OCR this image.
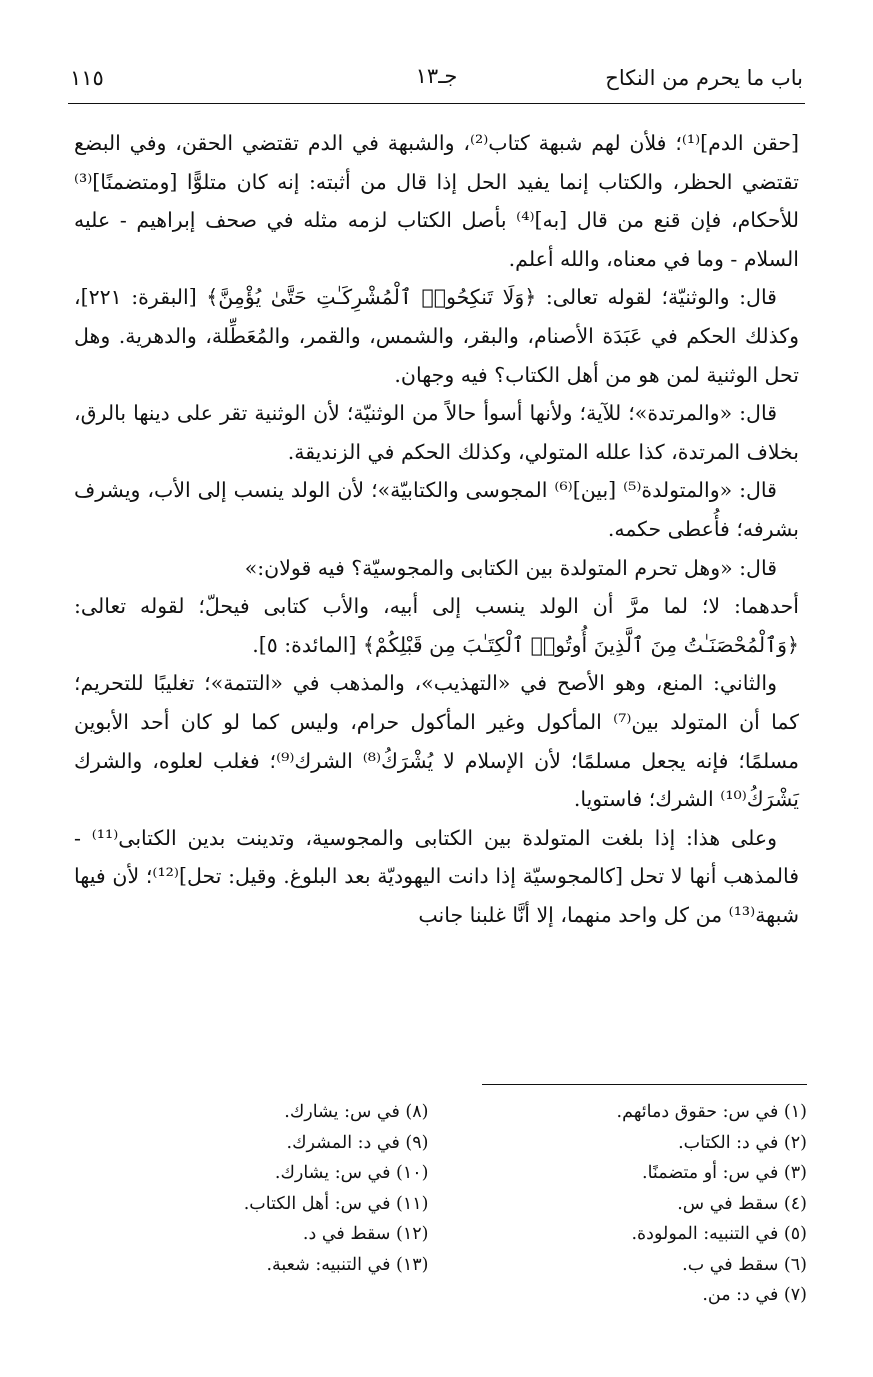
باب ما يحرم من النكاح
جـ١٣
١١٥

[حقن الدم]⁽¹⁾؛ فلأن لهم شبهة كتاب⁽²⁾، والشبهة في الدم تقتضي الحقن، وفي البضع تقتضي الحظر، والكتاب إنما يفيد الحل إذا قال من أثبته: إنه كان متلوًّا [ومتضمنًا]⁽³⁾ للأحكام، فإن قنع من قال [به]⁽⁴⁾ بأصل الكتاب لزمه مثله في صحف إبراهيم - عليه السلام - وما في معناه، والله أعلم.

قال: والوثنيّة؛ لقوله تعالى: ﴿وَلَا تَنكِحُوا۟ ٱلْمُشْرِكَـٰتِ حَتَّىٰ يُؤْمِنَّ﴾ [البقرة: ٢٢١]، وكذلك الحكم في عَبَدَة الأصنام، والبقر، والشمس، والقمر، والمُعَطِّلة، والدهرية. وهل تحل الوثنية لمن هو من أهل الكتاب؟ فيه وجهان.

قال: «والمرتدة»؛ للآية؛ ولأنها أسوأ حالاً من الوثنيّة؛ لأن الوثنية تقر على دينها بالرق، بخلاف المرتدة، كذا علله المتولي، وكذلك الحكم في الزنديقة.

قال: «والمتولدة⁽⁵⁾ [بين]⁽⁶⁾ المجوسى والكتابيّة»؛ لأن الولد ينسب إلى الأب، ويشرف بشرفه؛ فأُعطى حكمه.

قال: «وهل تحرم المتولدة بين الكتابى والمجوسيّة؟ فيه قولان:»

أحدهما: لا؛ لما مرَّ أن الولد ينسب إلى أبيه، والأب كتابى فيحلّ؛ لقوله تعالى: ﴿وَٱلْمُحْصَنَـٰتُ مِنَ ٱلَّذِينَ أُوتُوا۟ ٱلْكِتَـٰبَ مِن قَبْلِكُمْ﴾ [المائدة: ٥].

والثاني: المنع، وهو الأصح في «التهذيب»، والمذهب في «التتمة»؛ تغليبًا للتحريم؛ كما أن المتولد بين⁽⁷⁾ المأكول وغير المأكول حرام، وليس كما لو كان أحد الأبوين مسلمًا؛ فإنه يجعل مسلمًا؛ لأن الإسلام لا يُشْرَكُ⁽⁸⁾ الشرك⁽⁹⁾؛ فغلب لعلوه، والشرك يَشْرَكُ⁽¹⁰⁾ الشرك؛ فاستويا.

وعلى هذا: إذا بلغت المتولدة بين الكتابى والمجوسية، وتدينت بدين الكتابى⁽¹¹⁾ - فالمذهب أنها لا تحل [كالمجوسيّة إذا دانت اليهوديّة بعد البلوغ. وقيل: تحل]⁽¹²⁾؛ لأن فيها شبهة⁽¹³⁾ من كل واحد منهما، إلا أنَّا غلبنا جانب

(١) في س: حقوق دمائهم.
(٢) في د: الكتاب.
(٣) في س: أو متضمنًا.
(٤) سقط في س.
(٥) في التنبيه: المولودة.
(٦) سقط في ب.
(٧) في د: من.
(٨) في س: يشارك.
(٩) في د: المشرك.
(١٠) في س: يشارك.
(١١) في س: أهل الكتاب.
(١٢) سقط في د.
(١٣) في التنبيه: شعبة.
